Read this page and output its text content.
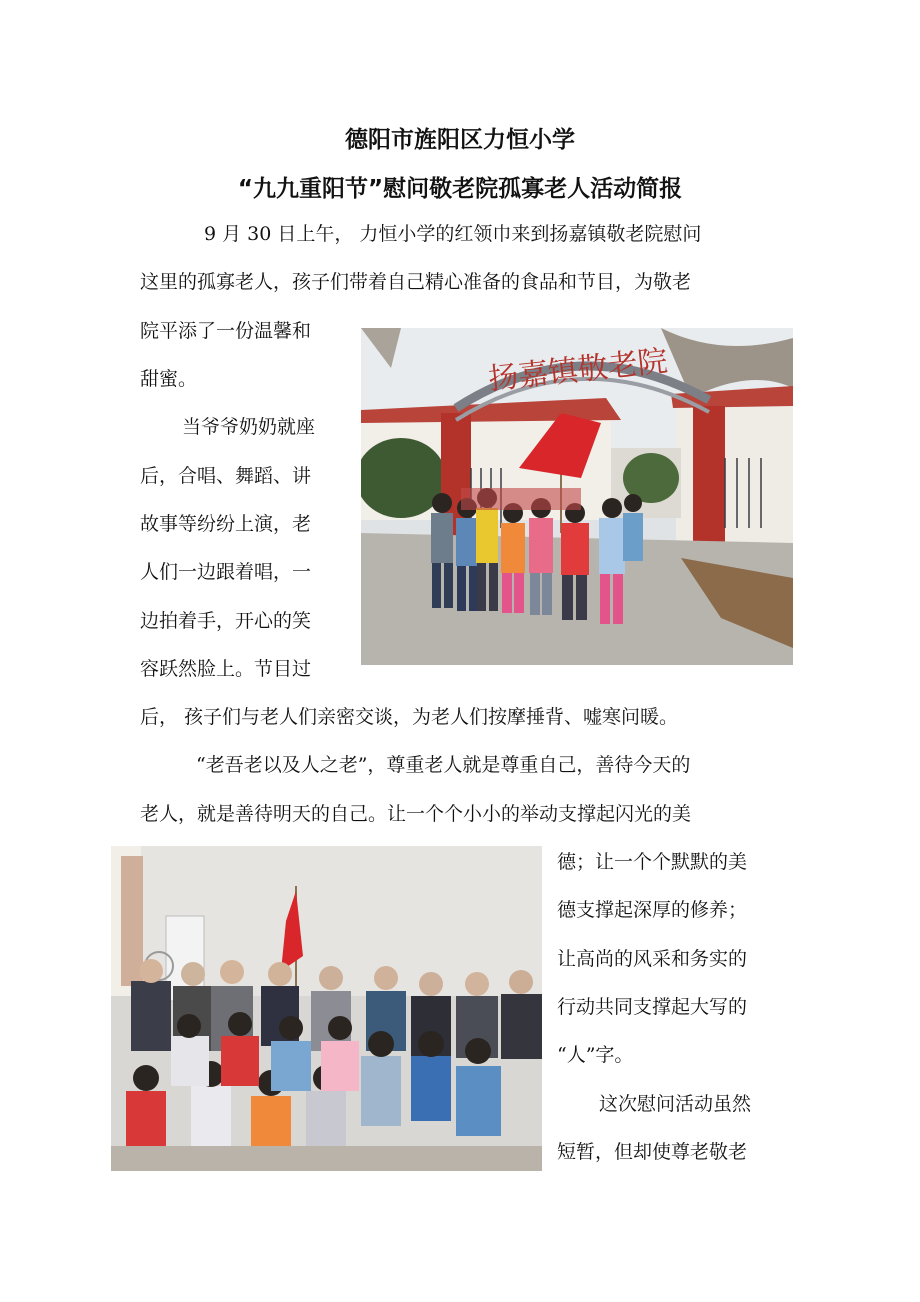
德阳市旌阳区力恒小学
“九九重阳节”慰问敬老院孤寡老人活动简报

9 月 30 日上午， 力恒小学的红领巾来到扬嘉镇敬老院慰问

这里的孤寡老人，孩子们带着自己精心准备的食品和节目，为敬老

院平添了一份温馨和

甜蜜。

当爷爷奶奶就座

后，合唱、舞蹈、讲

故事等纷纷上演，老

人们一边跟着唱，一

边拍着手，开心的笑

容跃然脸上。节目过

后， 孩子们与老人们亲密交谈，为老人们按摩捶背、嘘寒问暖。

“老吾老以及人之老”，尊重老人就是尊重自己，善待今天的

老人，就是善待明天的自己。让一个个小小的举动支撑起闪光的美

德；让一个个默默的美

德支撑起深厚的修养；

让高尚的风采和务实的

行动共同支撑起大写的

“人”字。

这次慰问活动虽然

短暂，但却使尊老敬老

扬嘉镇敬老院
